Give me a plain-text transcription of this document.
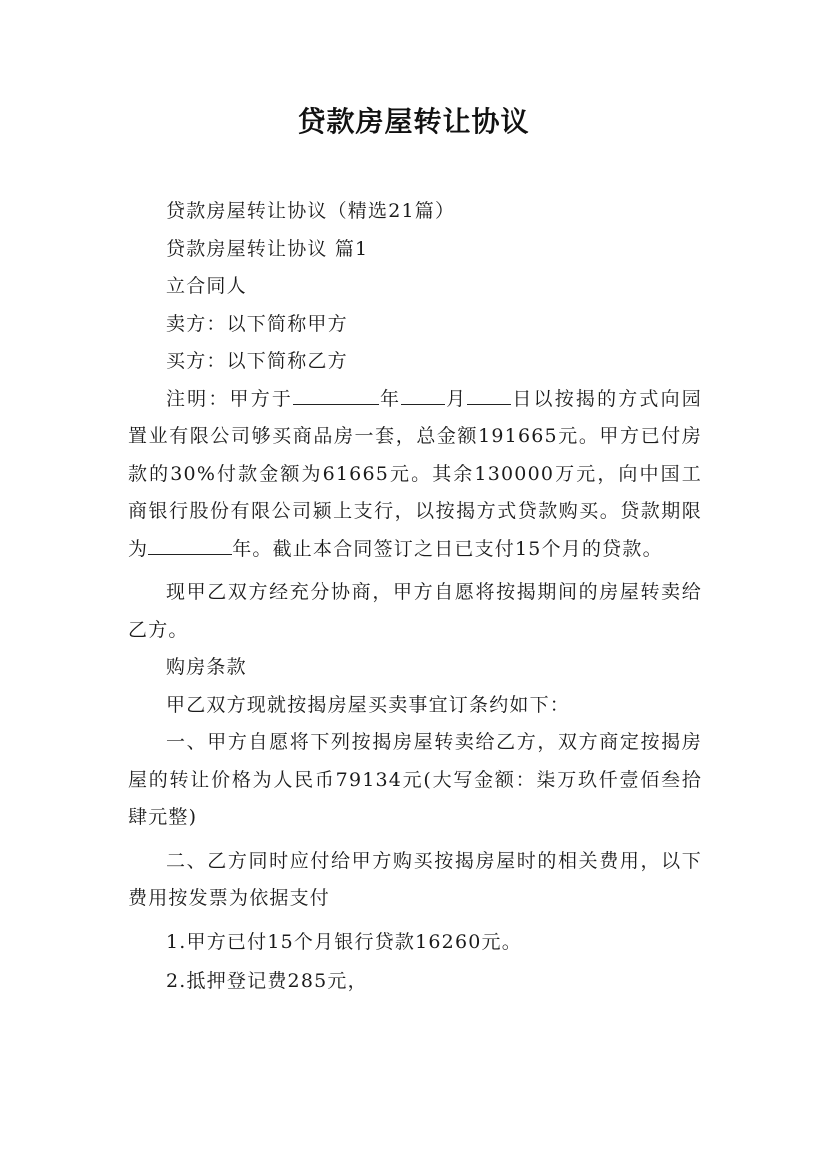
贷款房屋转让协议

贷款房屋转让协议（精选21篇）

贷款房屋转让协议 篇1

立合同人

卖方：以下简称甲方

买方：以下简称乙方

注明：甲方于	年 月 日以按揭的方式向园置业有限公司够买商品房一套，总金额191665元。甲方已付房款的30%付款金额为61665元。其余130000万元，向中国工商银行股份有限公司颍上支行，以按揭方式贷款购买。贷款期限为	年。截止本合同签订之日已支付15个月的贷款。

现甲乙双方经充分协商，甲方自愿将按揭期间的房屋转卖给乙方。

购房条款

甲乙双方现就按揭房屋买卖事宜订条约如下：

一、甲方自愿将下列按揭房屋转卖给乙方，双方商定按揭房屋的转让价格为人民币79134元(大写金额：柒万玖仟壹佰叁拾肆元整)

二、乙方同时应付给甲方购买按揭房屋时的相关费用，以下费用按发票为依据支付

1.甲方已付15个月银行贷款16260元。

2.抵押登记费285元，
